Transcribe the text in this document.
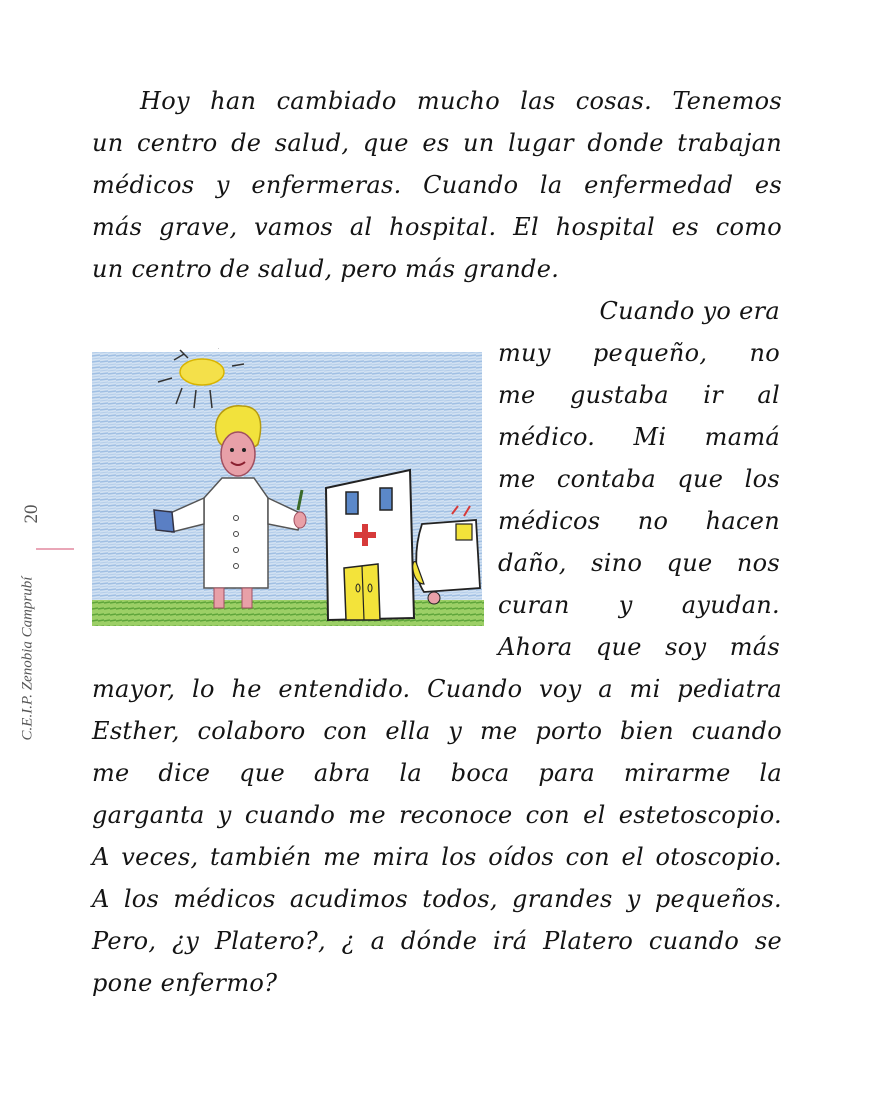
Hoy han cambiado mucho las cosas. Tenemos
un centro de salud, que es un lugar donde trabajan
médicos y enfermeras. Cuando la enfermedad es
más grave, vamos al hospital. El hospital es como
un centro de salud, pero más grande.
Cuando yo era
muy pequeño, no
me gustaba ir al
médico. Mi mamá
me contaba que los
médicos no hacen
daño, sino que nos
curan y ayudan.
Ahora que soy más
mayor, lo he entendido. Cuando voy a mi pediatra
Esther, colaboro con ella y me porto bien cuando
me dice que abra la boca para mirarme la
garganta y cuando me reconoce con el estetoscopio.
A veces, también me mira los oídos con el otoscopio.
A los médicos acudimos todos, grandes y pequeños.
Pero, ¿y Platero?, ¿ a dónde irá Platero cuando se
pone enfermo?
20
C.E.I.P. Zenobia Camprubí
